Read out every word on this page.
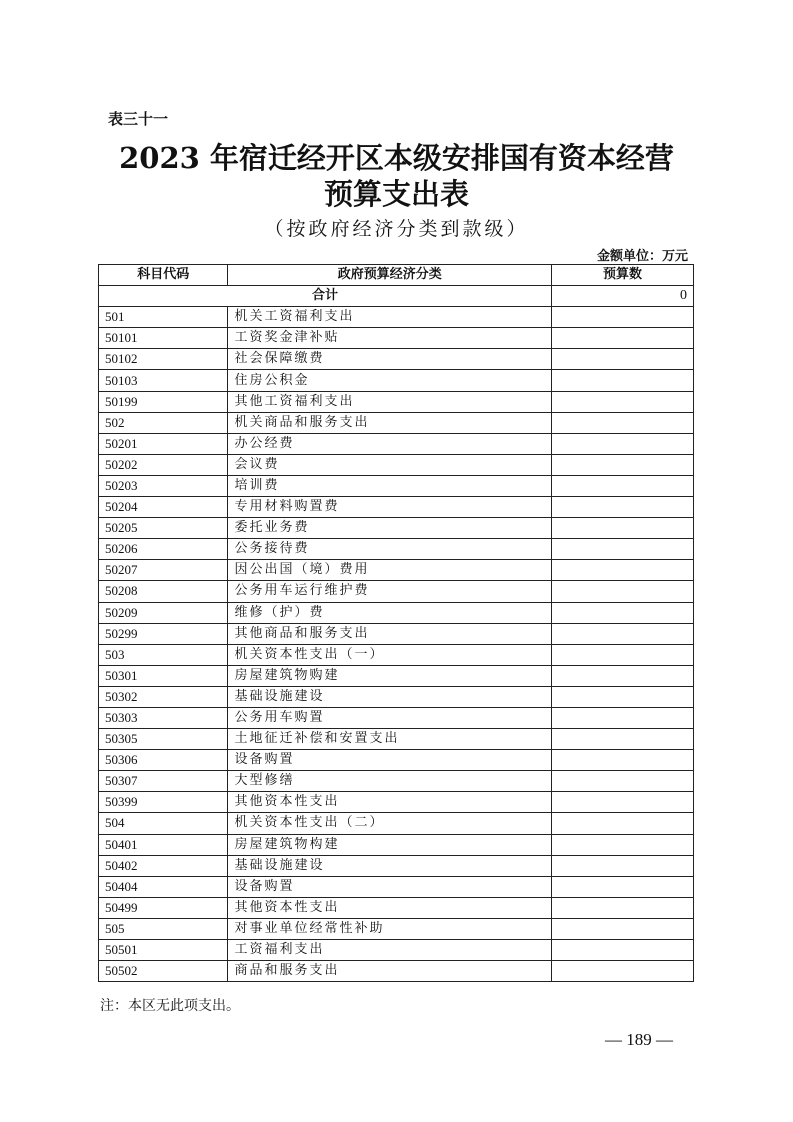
表三十一
2023 年宿迁经开区本级安排国有资本经营
预算支出表
（按政府经济分类到款级）
金额单位：万元
科目代码	政府预算经济分类	预算数
合计		0
501	机关工资福利支出	
50101	工资奖金津补贴	
50102	社会保障缴费	
50103	住房公积金	
50199	其他工资福利支出	
502	机关商品和服务支出	
50201	办公经费	
50202	会议费	
50203	培训费	
50204	专用材料购置费	
50205	委托业务费	
50206	公务接待费	
50207	因公出国（境）费用	
50208	公务用车运行维护费	
50209	维修（护）费	
50299	其他商品和服务支出	
503	机关资本性支出（一）	
50301	房屋建筑物购建	
50302	基础设施建设	
50303	公务用车购置	
50305	土地征迁补偿和安置支出	
50306	设备购置	
50307	大型修缮	
50399	其他资本性支出	
504	机关资本性支出（二）	
50401	房屋建筑物构建	
50402	基础设施建设	
50404	设备购置	
50499	其他资本性支出	
505	对事业单位经常性补助	
50501	工资福利支出	
50502	商品和服务支出	
注：本区无此项支出。
— 189 —
